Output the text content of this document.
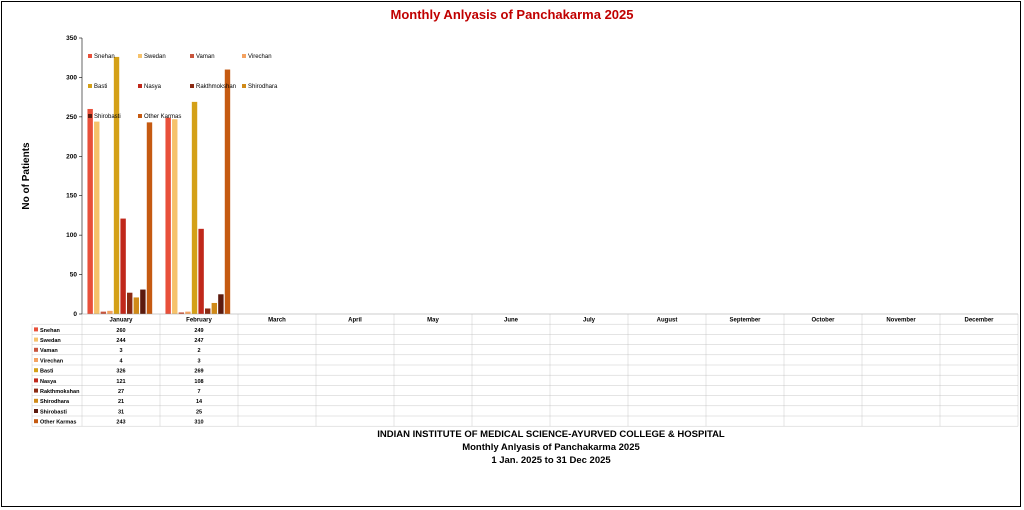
Monthly Anlyasis of Panchakarma 2025
No of Patients
0
50
100
150
200
250
300
350
Snehan	Swedan	Vaman	Virechan
Basti	Nasya	Rakthmokshan Shirodhara
Shirobasti	Other Karmas
January	February	March	April	May	June	July	August	September	October	November	December
Snehan	260	249
Swedan	244	247
Vaman	3	2
Virechan	4	3
Basti	326	269
Nasya	121	108
Rakthmokshan	27	7
Shirodhara	21	14
Shirobasti	31	25
Other Karmas	243	310
INDIAN INSTITUTE OF MEDICAL SCIENCE-AYURVED COLLEGE & HOSPITAL
Monthly Anlyasis of Panchakarma 2025
1 Jan. 2025 to 31 Dec 2025
